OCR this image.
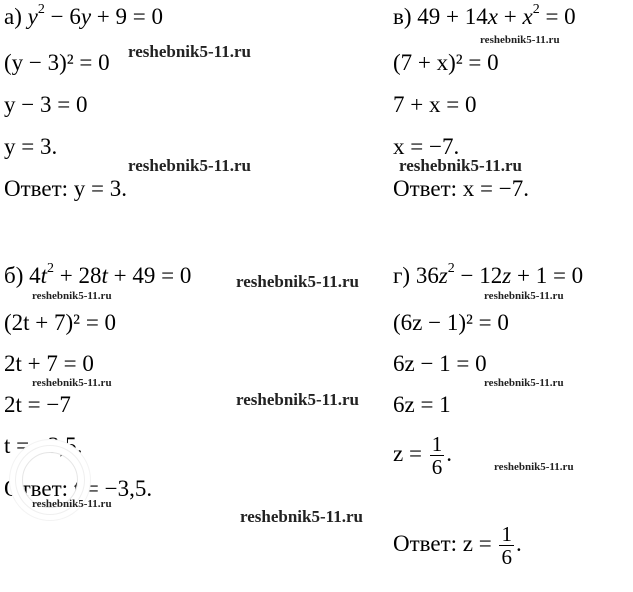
а) $y^2 - 6y + 9 = 0$
(y − 3)² = 0
y − 3 = 0
y = 3.
Ответ: y = 3.
в) $49 + 14x + x^2 = 0$
(7 + x)² = 0
7 + x = 0
x = −7.
Ответ: x = −7.
б) $4t^2 + 28t + 49 = 0$
(2t + 7)² = 0
2t + 7 = 0
2t = −7
t = −3,5.
Ответ: t = −3,5.
г) $36z^2 - 12z + 1 = 0$
(6z − 1)² = 0
6z − 1 = 0
6z = 1
$z = \frac{1}{6}$ .
Ответ: $z = \frac{1}{6}$ .
reshebnik5-11.ru
reshebnik5-11.ru
reshebnik5-11.ru	reshebnik5-11.ru
reshebnik5-11.ru
reshebnik5-11.ru	reshebnik5-11.ru
reshebnik5-11.ru	reshebnik5-11.ru
reshebnik5-11.ru
reshebnik5-11.ru
reshebnik5-11.ru
reshebnik5-11.ru
